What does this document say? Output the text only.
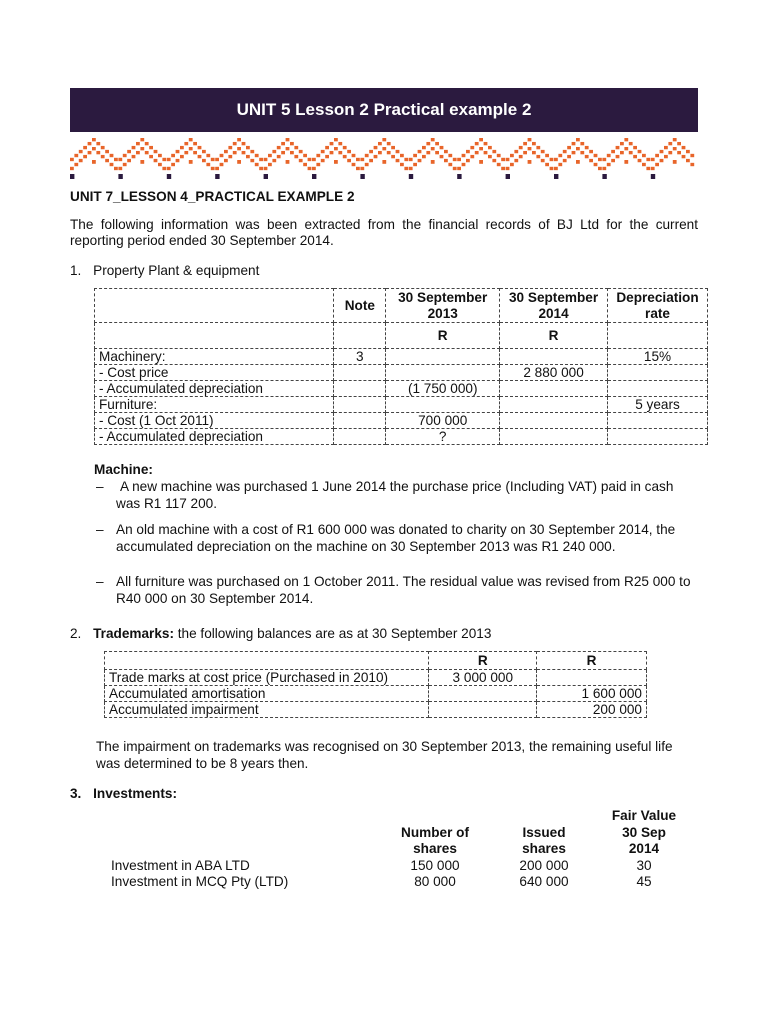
UNIT 5 Lesson 2 Practical example 2
UNIT 7_LESSON 4_PRACTICAL EXAMPLE 2
The following information was been extracted from the financial records of BJ Ltd for the current reporting period ended 30 September 2014.
1. Property Plant & equipment
	Note	30 September 2013	30 September 2014	Depreciation rate
		R	R	
Machinery:	3			15%
- Cost price			2 880 000	
- Accumulated depreciation		(1 750 000)		
Furniture:				5 years
- Cost (1 Oct 2011)		700 000		
- Accumulated depreciation		?		
Machine:
– A new machine was purchased 1 June 2014 the purchase price (Including VAT) paid in cash was R1 117 200.
– An old machine with a cost of R1 600 000 was donated to charity on 30 September 2014, the accumulated depreciation on the machine on 30 September 2013 was R1 240 000.
– All furniture was purchased on 1 October 2011. The residual value was revised from R25 000 to R40 000 on 30 September 2014.
2. Trademarks: the following balances are as at 30 September 2013
	R	R
Trade marks at cost price (Purchased in 2010)	3 000 000	
Accumulated amortisation		1 600 000
Accumulated impairment		200 000
The impairment on trademarks was recognised on 30 September 2013, the remaining useful life was determined to be 8 years then.
3. Investments:
			Fair Value
	Number of	Issued	30 Sep
	shares	shares	2014
Investment in ABA LTD	150 000	200 000	30
Investment in MCQ Pty (LTD)	80 000	640 000	45
